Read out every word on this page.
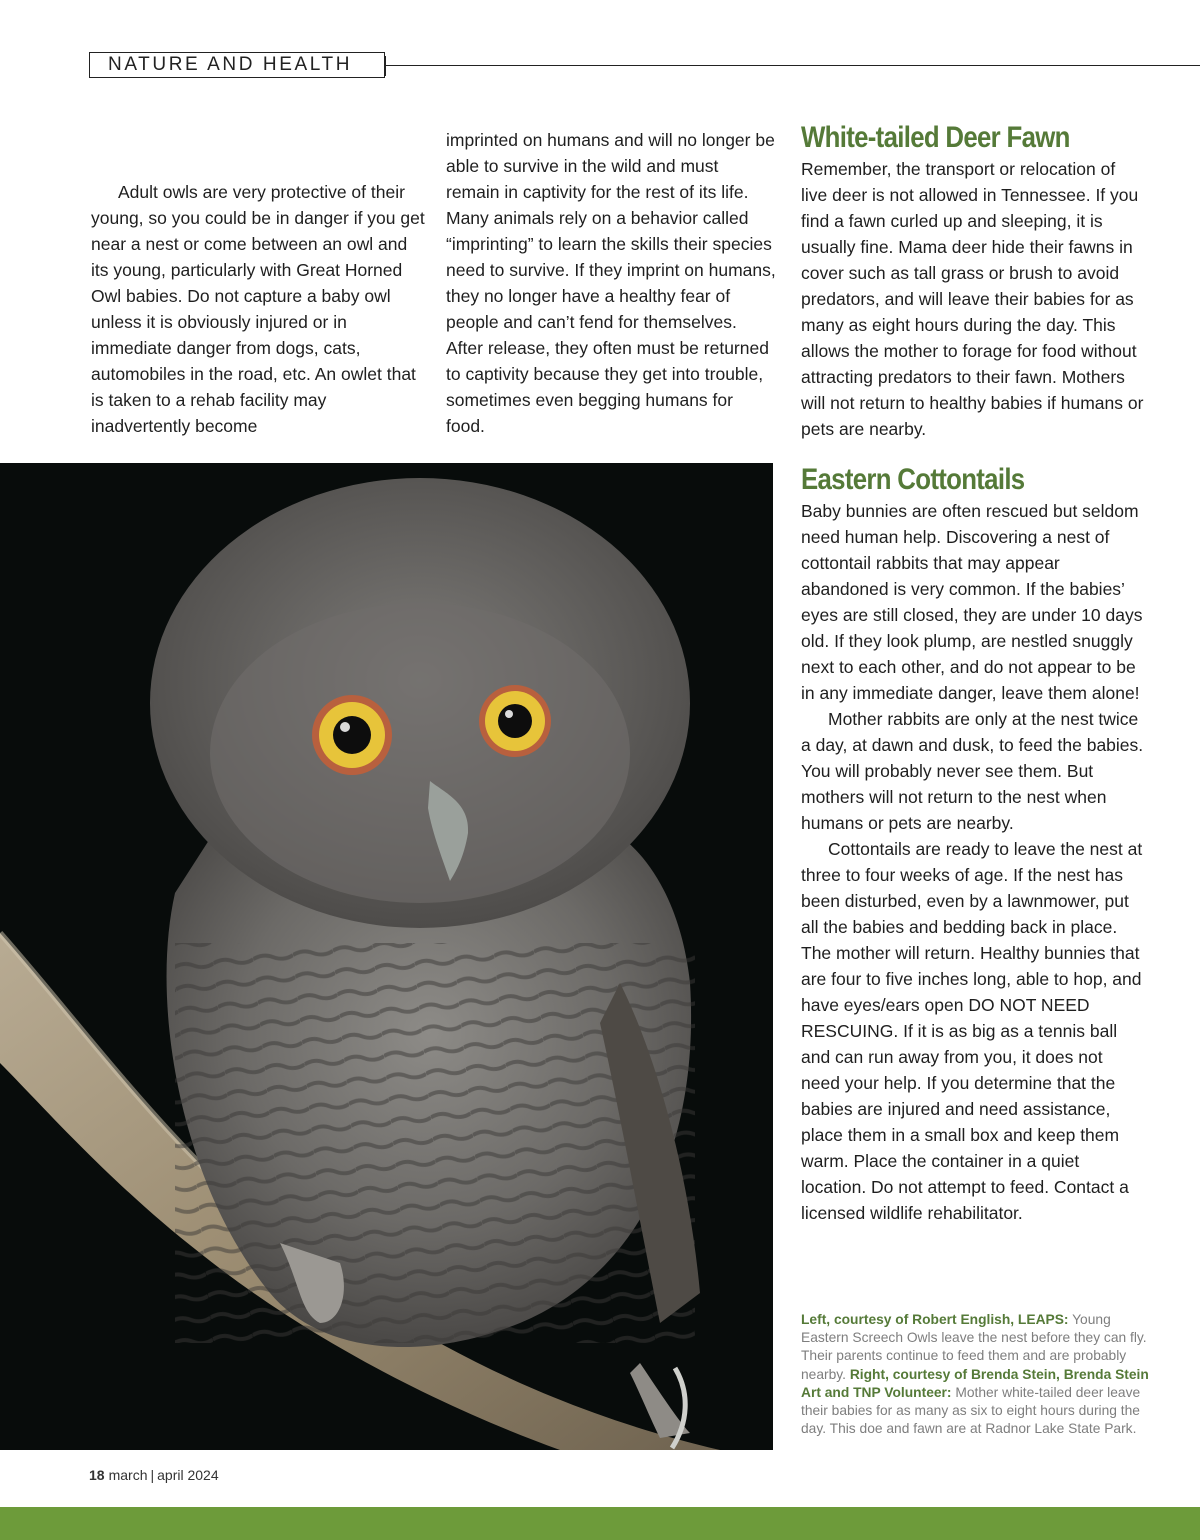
NATURE AND HEALTH

Adult owls are very protective of their young, so you could be in danger if you get near a nest or come between an owl and its young, particularly with Great Horned Owl babies. Do not capture a baby owl unless it is obviously injured or in immediate danger from dogs, cats, automobiles in the road, etc. An owlet that is taken to a rehab facility may inadvertently become

imprinted on humans and will no longer be able to survive in the wild and must remain in captivity for the rest of its life. Many animals rely on a behavior called “imprinting” to learn the skills their species need to survive. If they imprint on humans, they no longer have a healthy fear of people and can’t fend for themselves. After release, they often must be returned to captivity because they get into trouble, sometimes even begging humans for food.

White-tailed Deer Fawn

Remember, the transport or relocation of live deer is not allowed in Tennessee. If you find a fawn curled up and sleeping, it is usually fine. Mama deer hide their fawns in cover such as tall grass or brush to avoid predators, and will leave their babies for as many as eight hours during the day. This allows the mother to forage for food without attracting predators to their fawn. Mothers will not return to healthy babies if humans or pets are nearby.

Eastern Cottontails

Baby bunnies are often rescued but seldom need human help. Discovering a nest of cottontail rabbits that may appear abandoned is very common. If the babies’ eyes are still closed, they are under 10 days old. If they look plump, are nestled snuggly next to each other, and do not appear to be in any immediate danger, leave them alone!

Mother rabbits are only at the nest twice a day, at dawn and dusk, to feed the babies. You will probably never see them. But mothers will not return to the nest when humans or pets are nearby.

Cottontails are ready to leave the nest at three to four weeks of age. If the nest has been disturbed, even by a lawnmower, put all the babies and bedding back in place. The mother will return. Healthy bunnies that are four to five inches long, able to hop, and have eyes/ears open DO NOT NEED RESCUING. If it is as big as a tennis ball and can run away from you, it does not need your help. If you determine that the babies are injured and need assistance, place them in a small box and keep them warm. Place the container in a quiet location. Do not attempt to feed. Contact a licensed wildlife rehabilitator.

Left, courtesy of Robert English, LEAPS: Young Eastern Screech Owls leave the nest before they can fly. Their parents continue to feed them and are probably nearby. Right, courtesy of Brenda Stein, Brenda Stein Art and TNP Volunteer: Mother white-tailed deer leave their babies for as many as six to eight hours during the day. This doe and fawn are at Radnor Lake State Park.
18 march | april 2024
